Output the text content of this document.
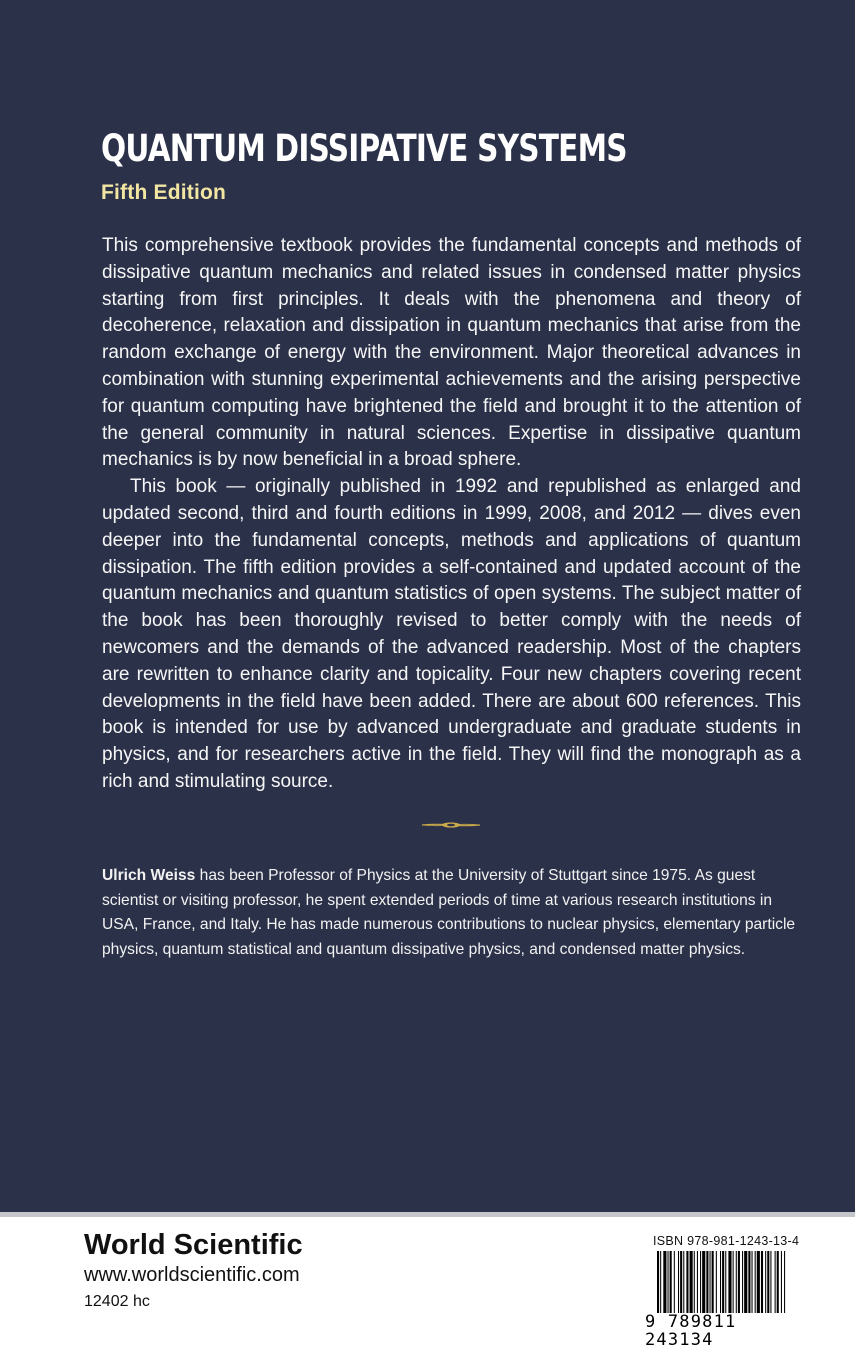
QUANTUM DISSIPATIVE SYSTEMS
Fifth Edition

This comprehensive textbook provides the fundamental concepts and methods of dissipative quantum mechanics and related issues in condensed matter physics starting from first principles. It deals with the phenomena and theory of decoherence, relaxation and dissipation in quantum mechanics that arise from the random exchange of energy with the environment. Major theoretical advances in combination with stunning experimental achievements and the arising perspective for quantum computing have brightened the field and brought it to the attention of the general community in natural sciences. Expertise in dissipative quantum mechanics is by now beneficial in a broad sphere.

This book — originally published in 1992 and republished as enlarged and updated second, third and fourth editions in 1999, 2008, and 2012 — dives even deeper into the fundamental concepts, methods and applications of quantum dissipation. The fifth edition provides a self-contained and updated account of the quantum mechanics and quantum statistics of open systems. The subject matter of the book has been thoroughly revised to better comply with the needs of newcomers and the demands of the advanced readership. Most of the chapters are rewritten to enhance clarity and topicality. Four new chapters covering recent developments in the field have been added. There are about 600 references. This book is intended for use by advanced undergraduate and graduate students in physics, and for researchers active in the field. They will find the monograph as a rich and stimulating source.

Ulrich Weiss has been Professor of Physics at the University of Stuttgart since 1975. As guest scientist or visiting professor, he spent extended periods of time at various research institutions in USA, France, and Italy. He has made numerous contributions to nuclear physics, elementary particle physics, quantum statistical and quantum dissipative physics, and condensed matter physics.
World Scientific
www.worldscientific.com
12402 hc
ISBN 978-981-1243-13-4
9 789811 243134
